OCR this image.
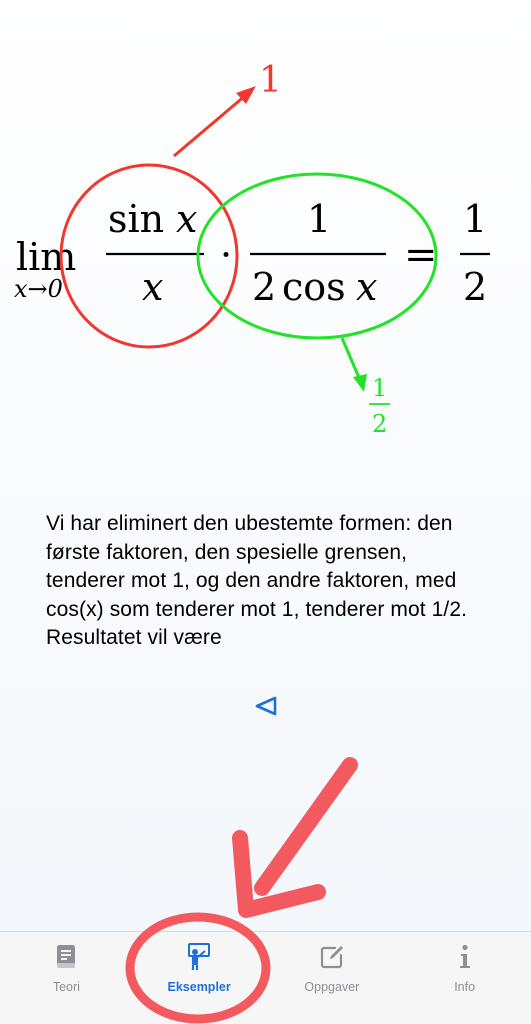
lim
x→0
sin x
x
·
1
2 cos x
=
1
2
1
1
2
Vi har eliminert den ubestemte formen: den første faktoren, den spesielle grensen, tenderer mot 1, og den andre faktoren, med cos(x) som tenderer mot 1, tenderer mot 1/2. Resultatet vil være
Teori	Eksempler	Oppgaver	Info
